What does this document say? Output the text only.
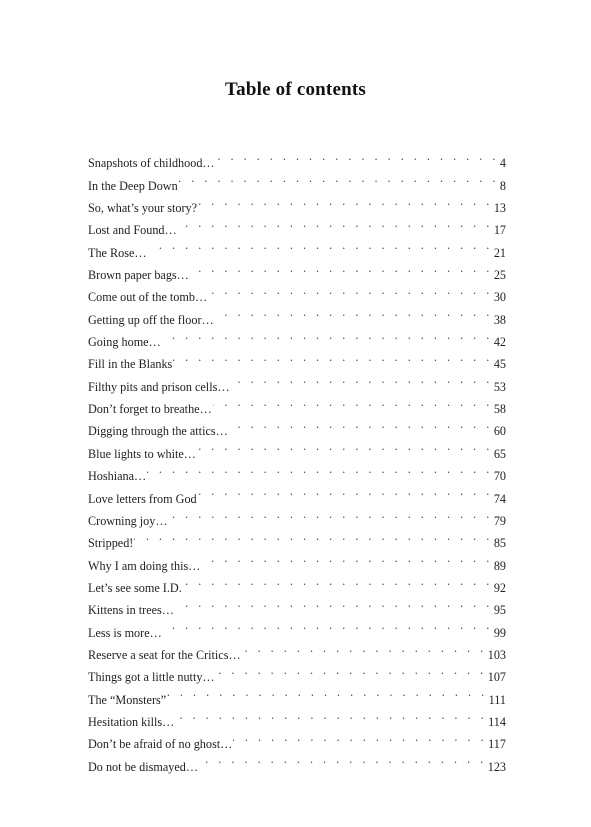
Table of contents
Snapshots of childhood… . . .	4
In the Deep Down . . .	8
So, what’s your story? . . .	13
Lost and Found… . . .	17
The Rose… . . .	21
Brown paper bags… . . .	25
Come out of the tomb… . . .	30
Getting up off the floor… . . .	38
Going home… . . .	42
Fill in the Blanks . . .	45
Filthy pits and prison cells… . . .	53
Don’t forget to breathe… . . .	58
Digging through the attics… . . .	60
Blue lights to white… . . .	65
Hoshiana… . . .	70
Love letters from God . . .	74
Crowning joy… . . .	79
Stripped! . . .	85
Why I am doing this… . . .	89
Let’s see some I.D. . . .	92
Kittens in trees… . . .	95
Less is more… . . .	99
Reserve a seat for the Critics… . . .	103
Things got a little nutty… . . .	107
The “Monsters” . . .	111
Hesitation kills… . . .	114
Don’t be afraid of no ghost… . . .	117
Do not be dismayed… . . .	123
